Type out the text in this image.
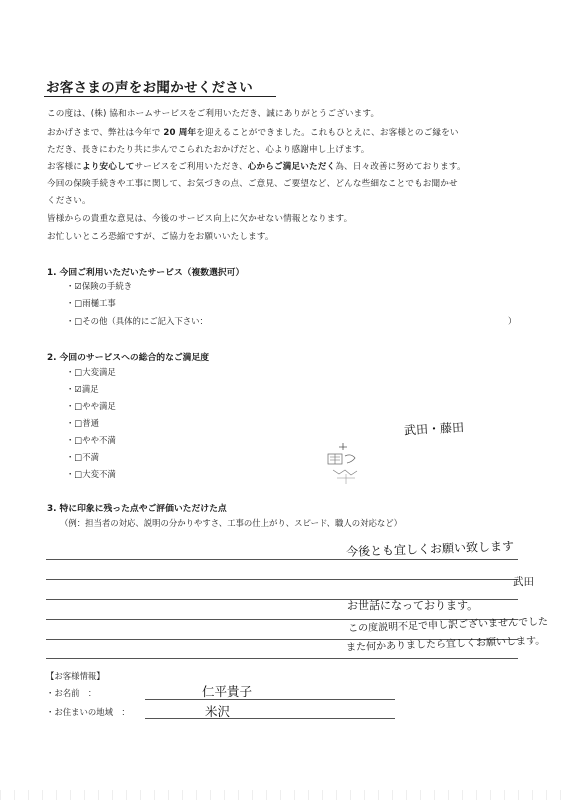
お客さまの声をお聞かせください
この度は、(株) 協和ホームサービスをご利用いただき、誠にありがとうございます。
おかげさまで、弊社は今年で 20 周年を迎えることができました。これもひとえに、お客様とのご縁をい
ただき、長きにわたり共に歩んでこられたおかげだと、心より感謝申し上げます。
お客様により安心してサービスをご利用いただき、心からご満足いただく為、日々改善に努めております。
今回の保険手続きや工事に関して、お気づきの点、ご意見、ご要望など、どんな些細なことでもお聞かせ
ください。
皆様からの貴重な意見は、今後のサービス向上に欠かせない情報となります。
お忙しいところ恐縮ですが、ご協力をお願いいたします。
1. 今回ご利用いただいたサービス（複数選択可）
・☑保険の手続き
・□雨樋工事
・□その他（具体的にご記入下さい：	）
2. 今回のサービスへの総合的なご満足度
・□大変満足
・☑満足
・□やや満足
・□普通
・□やや不満
・□不満
・□大変不満
武田・藤田
3. 特に印象に残った点やご評価いただけた点
（例：担当者の対応、説明の分かりやすさ、工事の仕上がり、スピード、職人の対応など）
今後とも宜しくお願い致します
武田
お世話になっております。
この度説明不足で申し訳ございませんでした
また何かありましたら宜しくお願いします。
【お客様情報】
・お名前　：	仁平貴子
・お住まいの地域　：	米沢
